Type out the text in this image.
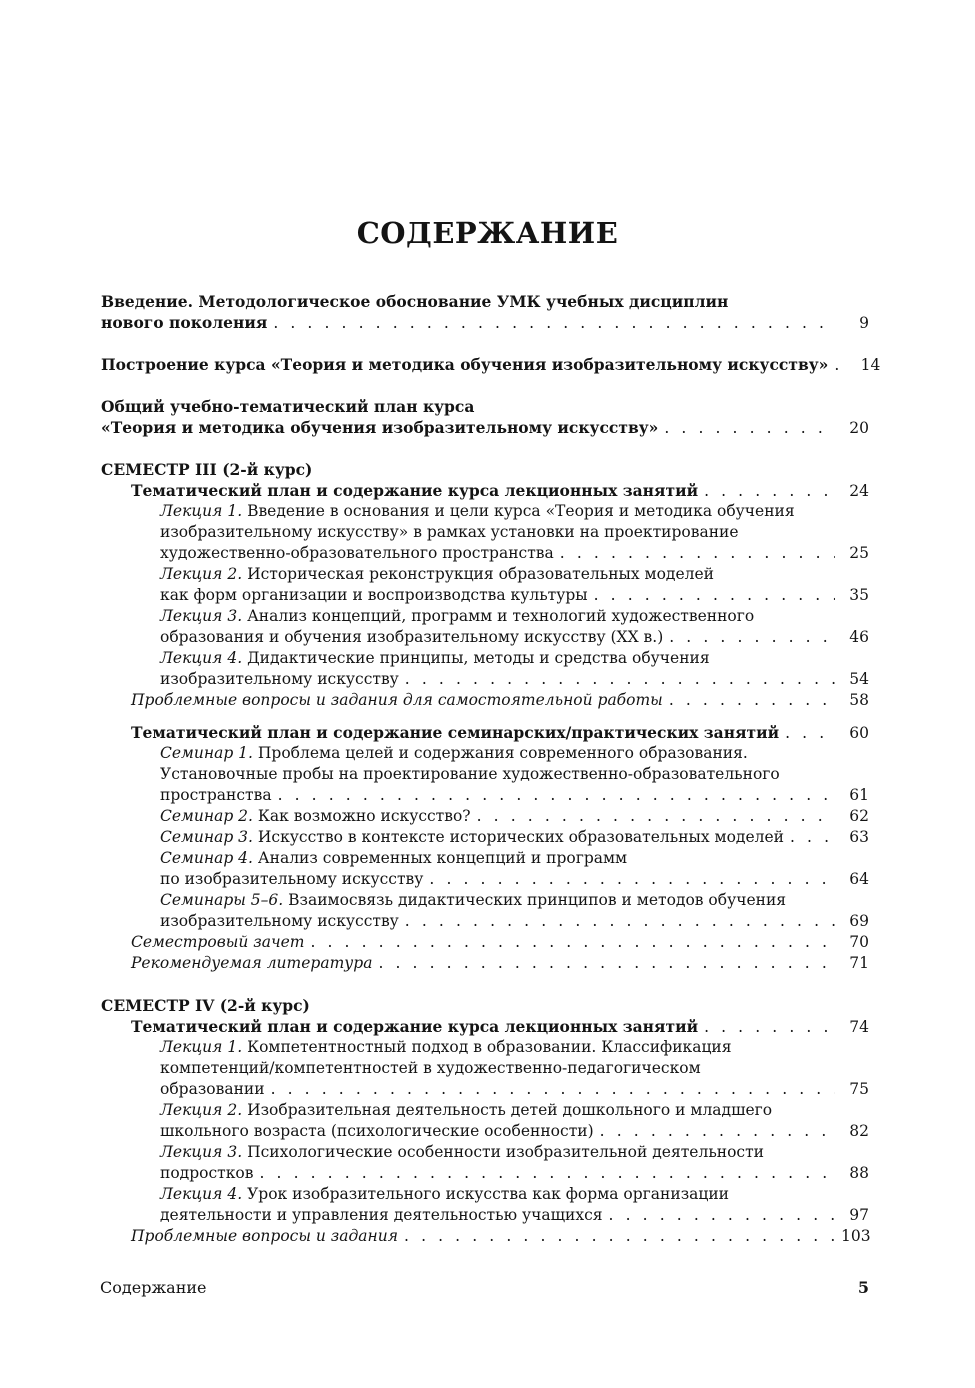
СОДЕРЖАНИЕ
Введение. Методологическое обоснование УМК учебных дисциплин
нового поколения . . .	9
Построение курса «Теория и методика обучения изобразительному искусству» . . .	14
Общий учебно-тематический план курса
«Теория и методика обучения изобразительному искусству» . . .	20
СЕМЕСТР III (2-й курс)
Тематический план и содержание курса лекционных занятий . . .	24
Лекция 1. Введение в основания и цели курса «Теория и методика обучения
изобразительному искусству» в рамках установки на проектирование
художественно-образовательного пространства . . .	25
Лекция 2. Историческая реконструкция образовательных моделей
как форм организации и воспроизводства культуры . . .	35
Лекция 3. Анализ концепций, программ и технологий художественного
образования и обучения изобразительному искусству (ХХ в.) . . .	46
Лекция 4. Дидактические принципы, методы и средства обучения
изобразительному искусству . . .	54
Проблемные вопросы и задания для самостоятельной работы . . .	58
Тематический план и содержание семинарских/практических занятий . . .	60
Семинар 1. Проблема целей и содержания современного образования.
Установочные пробы на проектирование художественно-образовательного
пространства . . .	61
Семинар 2. Как возможно искусство? . . .	62
Семинар 3. Искусство в контексте исторических образовательных моделей . . .	63
Семинар 4. Анализ современных концепций и программ
по изобразительному искусству . . .	64
Семинары 5–6. Взаимосвязь дидактических принципов и методов обучения
изобразительному искусству . . .	69
Семестровый зачет . . .	70
Рекомендуемая литература . . .	71
СЕМЕСТР IV (2-й курс)
Тематический план и содержание курса лекционных занятий . . .	74
Лекция 1. Компетентностный подход в образовании. Классификация
компетенций/компетентностей в художественно-педагогическом
образовании . . .	75
Лекция 2. Изобразительная деятельность детей дошкольного и младшего
школьного возраста (психологические особенности) . . .	82
Лекция 3. Психологические особенности изобразительной деятельности
подростков . . .	88
Лекция 4. Урок изобразительного искусства как форма организации
деятельности и управления деятельностью учащихся . . .	97
Проблемные вопросы и задания . . .	103
Содержание	5
